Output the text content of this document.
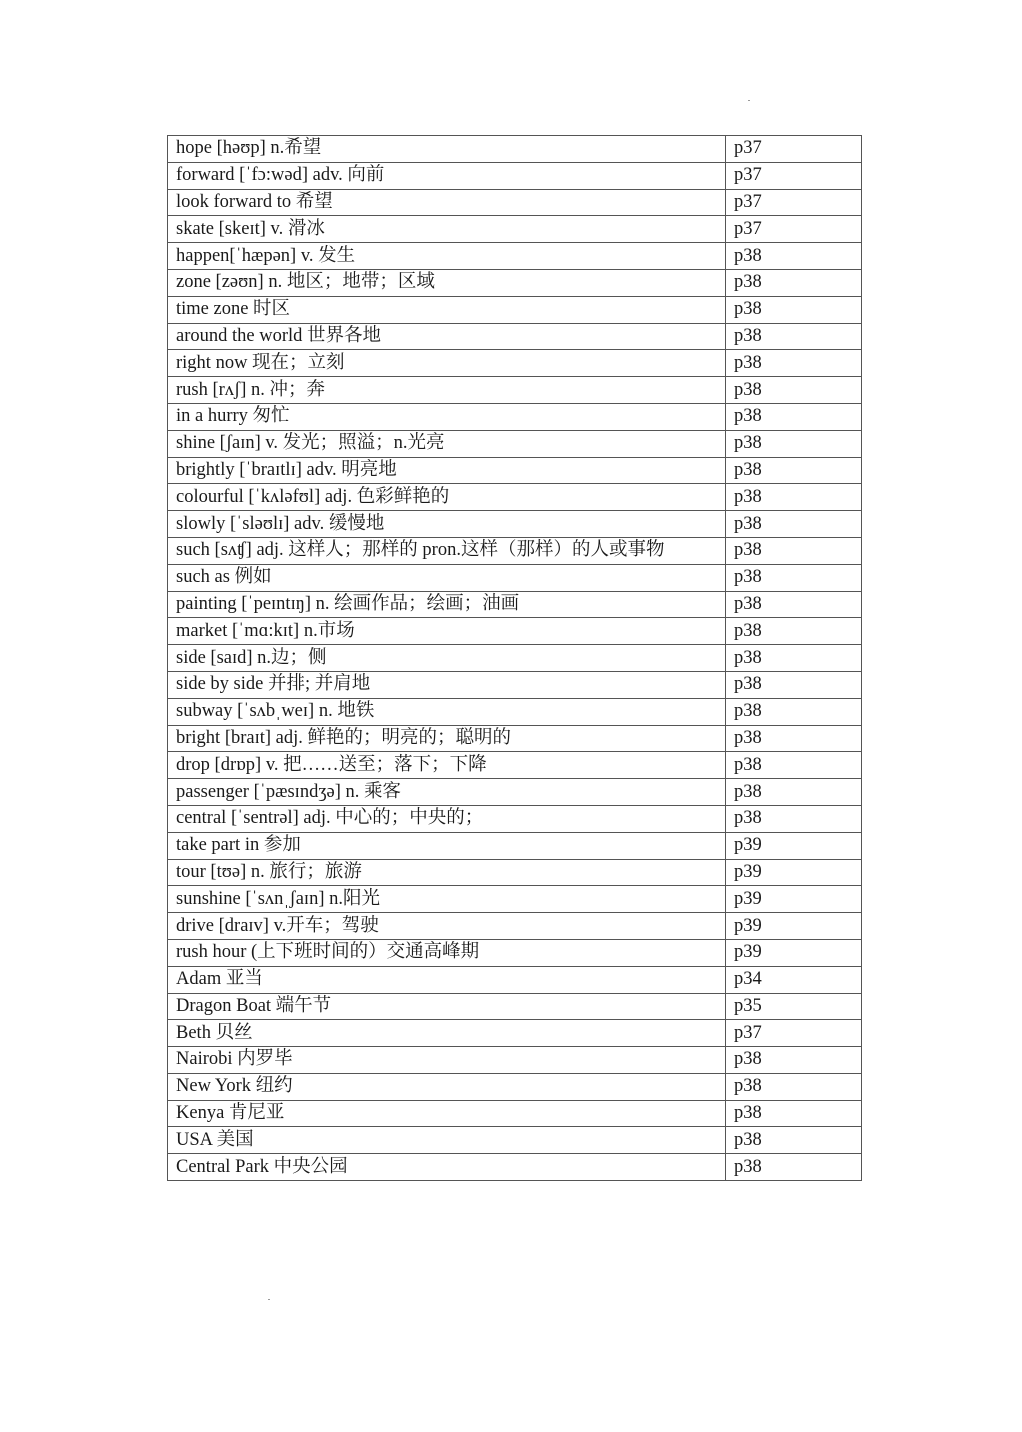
hope [həʊp] n.希望	p37
forward [ˈfɔ:wəd] adv. 向前	p37
look forward to 希望	p37
skate [skeɪt] v. 滑冰	p37
happen[ˈhæpən] v. 发生	p38
zone [zəʊn] n. 地区；地带；区域	p38
time zone 时区	p38
around the world 世界各地	p38
right now 现在；立刻	p38
rush [rʌʃ] n. 冲；奔	p38
in a hurry 匆忙	p38
shine [ʃaɪn] v. 发光；照溢；n.光亮	p38
brightly [ˈbraɪtlɪ] adv. 明亮地	p38
colourful [ˈkʌləfʊl] adj. 色彩鲜艳的	p38
slowly [ˈsləʊlɪ] adv. 缓慢地	p38
such [sʌʧ] adj. 这样人；那样的 pron.这样（那样）的人或事物	p38
such as 例如	p38
painting [ˈpeɪntɪŋ] n. 绘画作品；绘画；油画	p38
market [ˈmɑ:kɪt] n.市场	p38
side [saɪd] n.边；侧	p38
side by side 并排; 并肩地	p38
subway [ˈsʌbˌweɪ] n. 地铁	p38
bright [braɪt] adj. 鲜艳的；明亮的；聪明的	p38
drop [drɒp] v. 把……送至；落下；下降	p38
passenger [ˈpæsɪndʒə] n. 乘客	p38
central [ˈsentrəl] adj. 中心的；中央的；	p38
take part in 参加	p39
tour [tʊə] n. 旅行；旅游	p39
sunshine [ˈsʌnˌʃaɪn] n.阳光	p39
drive [draɪv] v.开车；驾驶	p39
rush hour (上下班时间的）交通高峰期	p39
Adam 亚当	p34
Dragon Boat 端午节	p35
Beth 贝丝	p37
Nairobi 内罗毕	p38
New York 纽约	p38
Kenya 肯尼亚	p38
USA 美国	p38
Central Park 中央公园	p38
